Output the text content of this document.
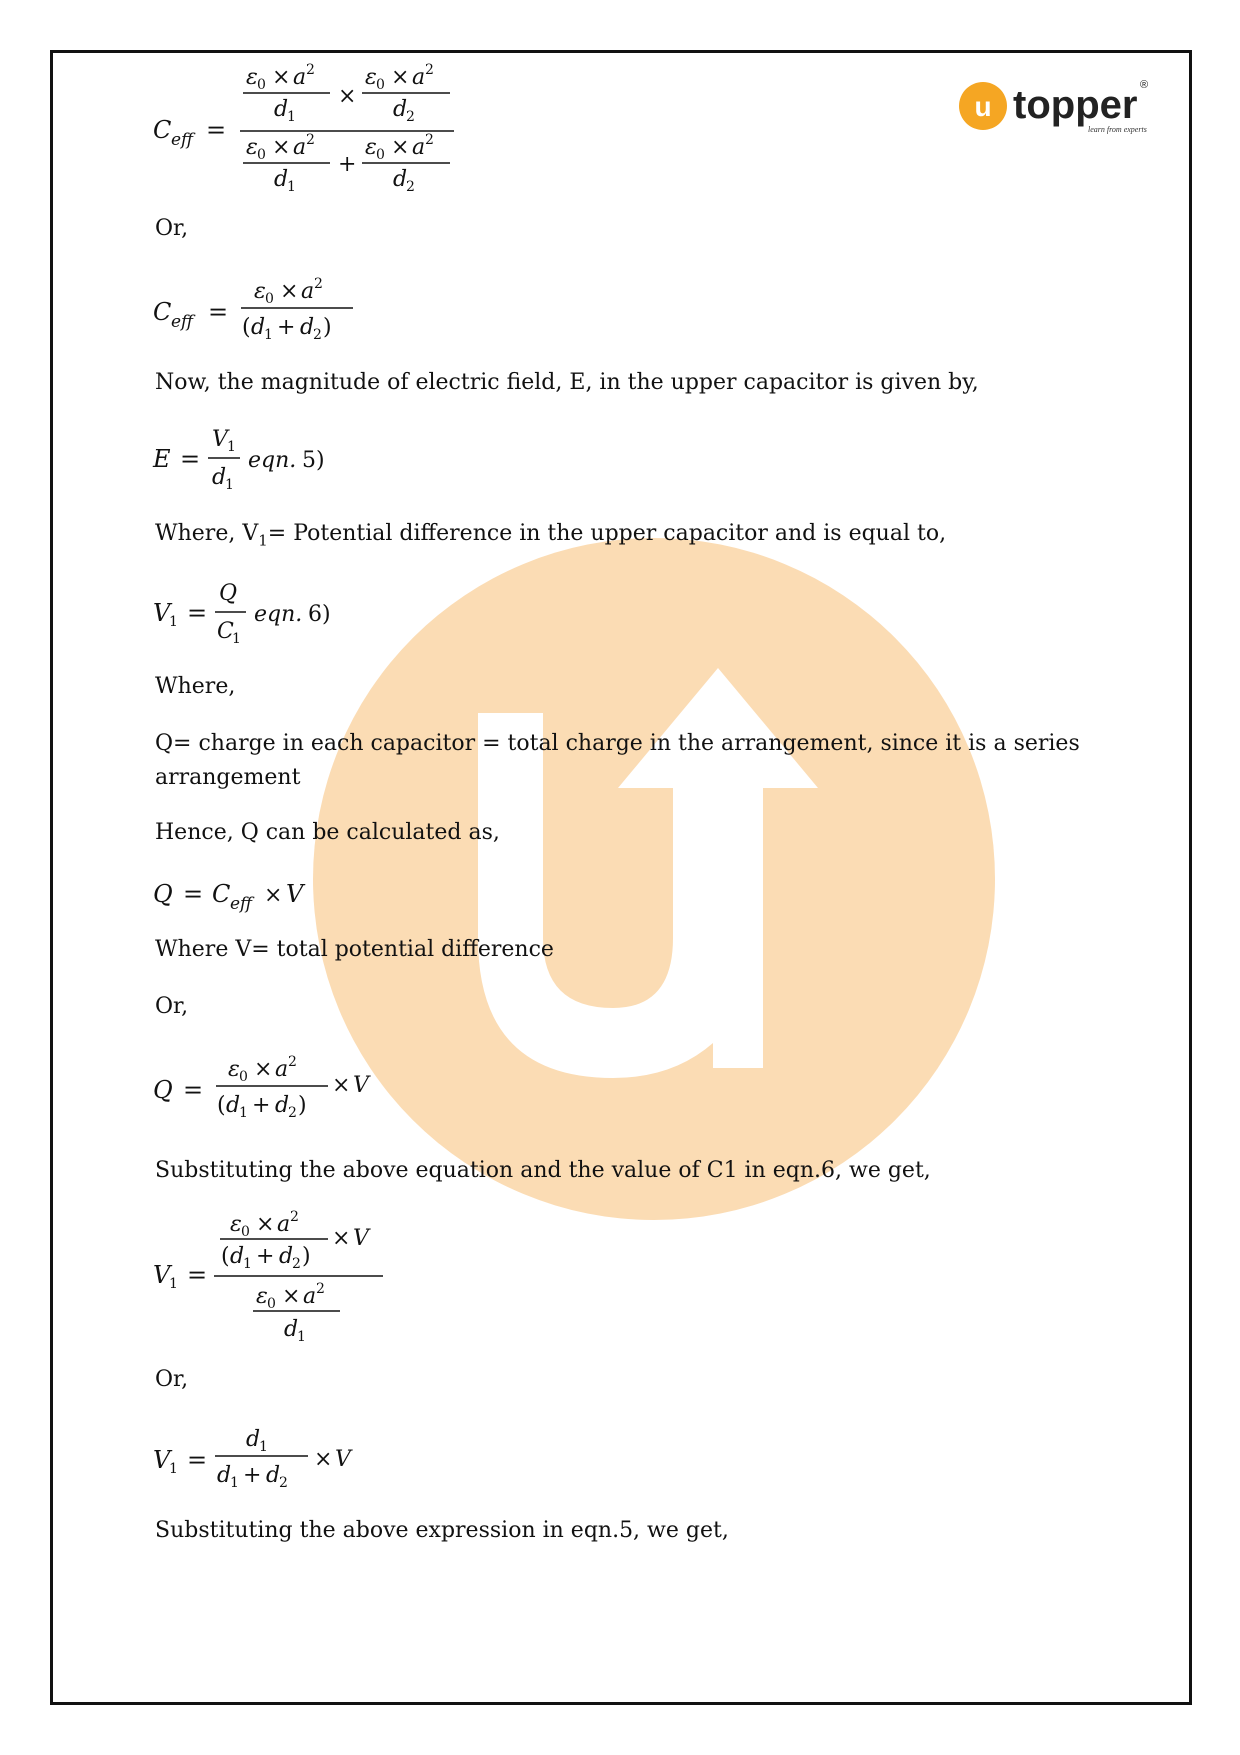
u topper ®
learn from experts
C eff =
ε 0 × a 2
d
1
×
ε 0 × a 2
d
2
ε 0 × a 2
d
1
+
ε 0 × a 2
d
2
Or,
C eff =
ε 0 × a 2
( d
1 + d
2 )
Now, the magnitude of electric field, E, in the upper capacitor is given by,
E =
V 1
d
1
eqn. 5)
Where, $V_1=$ Potential difference in the upper capacitor and is equal to,
V
1 =
Q
C
1
eqn. 6)
Where,
Q= charge in each capacitor = total charge in the arrangement, since it is a series arrangement
Hence, Q can be calculated as,
Q = C eff × V
Where V= total potential difference
Or,
Q =
ε 0 × a 2
( d
1 + d
2 )
× V
Substituting the above equation and the value of C1 in eqn.6, we get,
V
1 =
ε 0 × a 2
( d
1 + d
2 )
× V
ε 0 × a 2
d
1
Or,
V
1 =
d
1
d
1 + d
2
× V
Substituting the above expression in eqn.5, we get,
